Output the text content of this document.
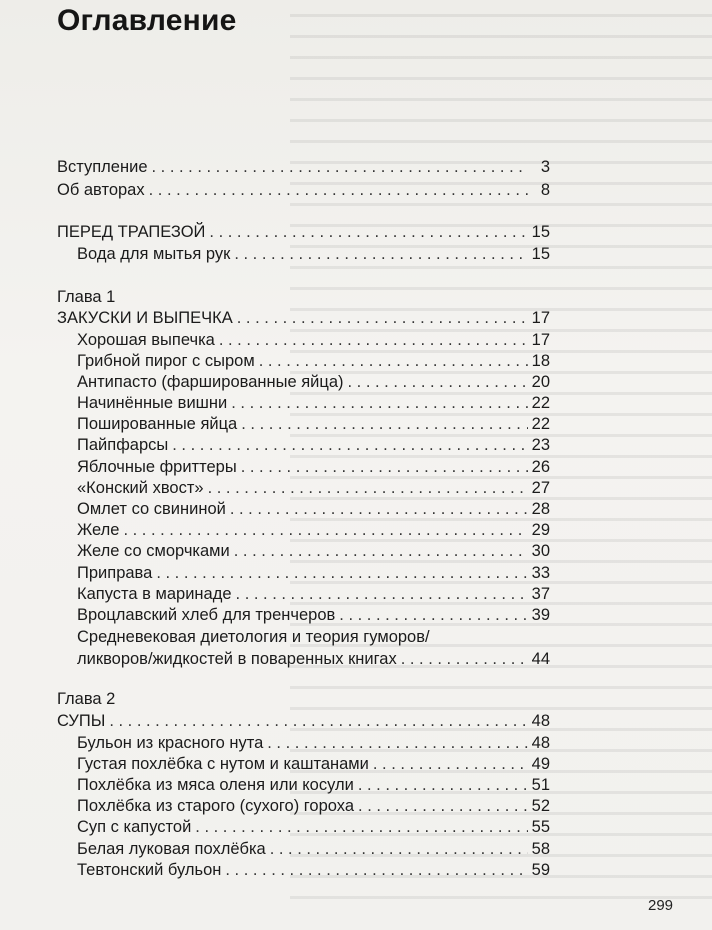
Оглавление
Вступление . . .	3
Об авторах . . .	8
ПЕРЕД ТРАПЕЗОЙ . . .	15
Вода для мытья рук . . .	15
Глава 1
ЗАКУСКИ И ВЫПЕЧКА . . .	17
Хорошая выпечка . . .	17
Грибной пирог с сыром . . .	18
Антипасто (фаршированные яйца) . . .	20
Начинённые вишни . . .	22
Пошированные яйца . . .	22
Пайпфарсы . . .	23
Яблочные фриттеры . . .	26
«Конский хвост» . . .	27
Омлет со свининой . . .	28
Желе . . .	29
Желе со сморчками . . .	30
Приправа . . .	33
Капуста в маринаде . . .	37
Вроцлавский хлеб для тренчеров . . .	39
Средневековая диетология и теория гуморов/
ликворов/жидкостей в поваренных книгах . . .	44
Глава 2
СУПЫ . . .	48
Бульон из красного нута . . .	48
Густая похлёбка с нутом и каштанами . . .	49
Похлёбка из мяса оленя или косули . . .	51
Похлёбка из старого (сухого) гороха . . .	52
Суп с капустой . . .	55
Белая луковая похлёбка . . .	58
Тевтонский бульон . . .	59
299
